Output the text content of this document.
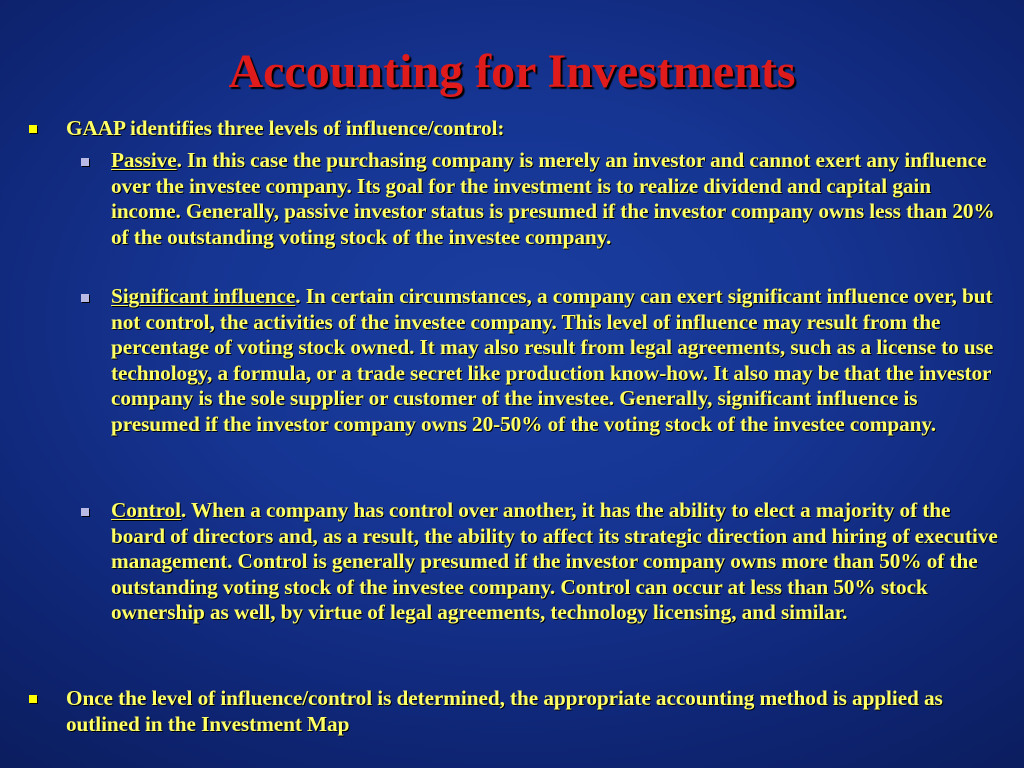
Accounting for Investments
GAAP identifies three levels of influence/control:
Passive. In this case the purchasing company is merely an investor and cannot exert any influence over the investee company. Its goal for the investment is to realize dividend and capital gain income. Generally, passive investor status is presumed if the investor company owns less than 20% of the outstanding voting stock of the investee company.
Significant influence. In certain circumstances, a company can exert significant influence over, but not control, the activities of the investee company. This level of influence may result from the percentage of voting stock owned. It may also result from legal agreements, such as a license to use technology, a formula, or a trade secret like production know-how. It also may be that the investor company is the sole supplier or customer of the investee. Generally, significant influence is presumed if the investor company owns 20-50% of the voting stock of the investee company.
Control. When a company has control over another, it has the ability to elect a majority of the board of directors and, as a result, the ability to affect its strategic direction and hiring of executive management. Control is generally presumed if the investor company owns more than 50% of the outstanding voting stock of the investee company. Control can occur at less than 50% stock ownership as well, by virtue of legal agreements, technology licensing, and similar.
Once the level of influence/control is determined, the appropriate accounting method is applied as outlined in the Investment Map
